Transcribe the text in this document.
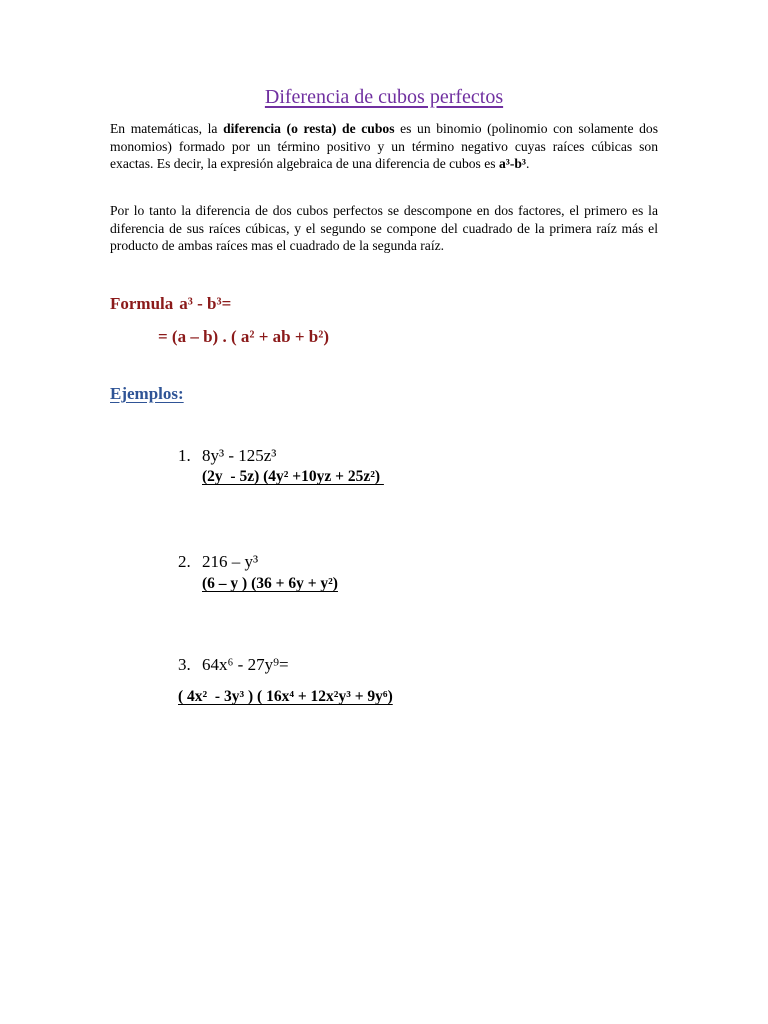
Diferencia de cubos perfectos
En matemáticas, la diferencia (o resta) de cubos es un binomio (polinomio con solamente dos monomios) formado por un término positivo y un término negativo cuyas raíces cúbicas son exactas. Es decir, la expresión algebraica de una diferencia de cubos es a³-b³.
Por lo tanto la diferencia de dos cubos perfectos se descompone en dos factores, el primero es la diferencia de sus raíces cúbicas, y el segundo se compone del cuadrado de la primera raíz más el producto de ambas raíces mas el cuadrado de la segunda raíz.
Formula a³ - b³=
= (a – b) . ( a² + ab + b²)
Ejemplos:
1. 8y³ - 125z³
(2y  - 5z) (4y² +10yz + 25z²)
2. 216 – y³
(6 – y ) (36 + 6y + y²)
3. 64x⁶ - 27y⁹=
( 4x²  - 3y³ ) ( 16x⁴ + 12x²y³ + 9y⁶)
